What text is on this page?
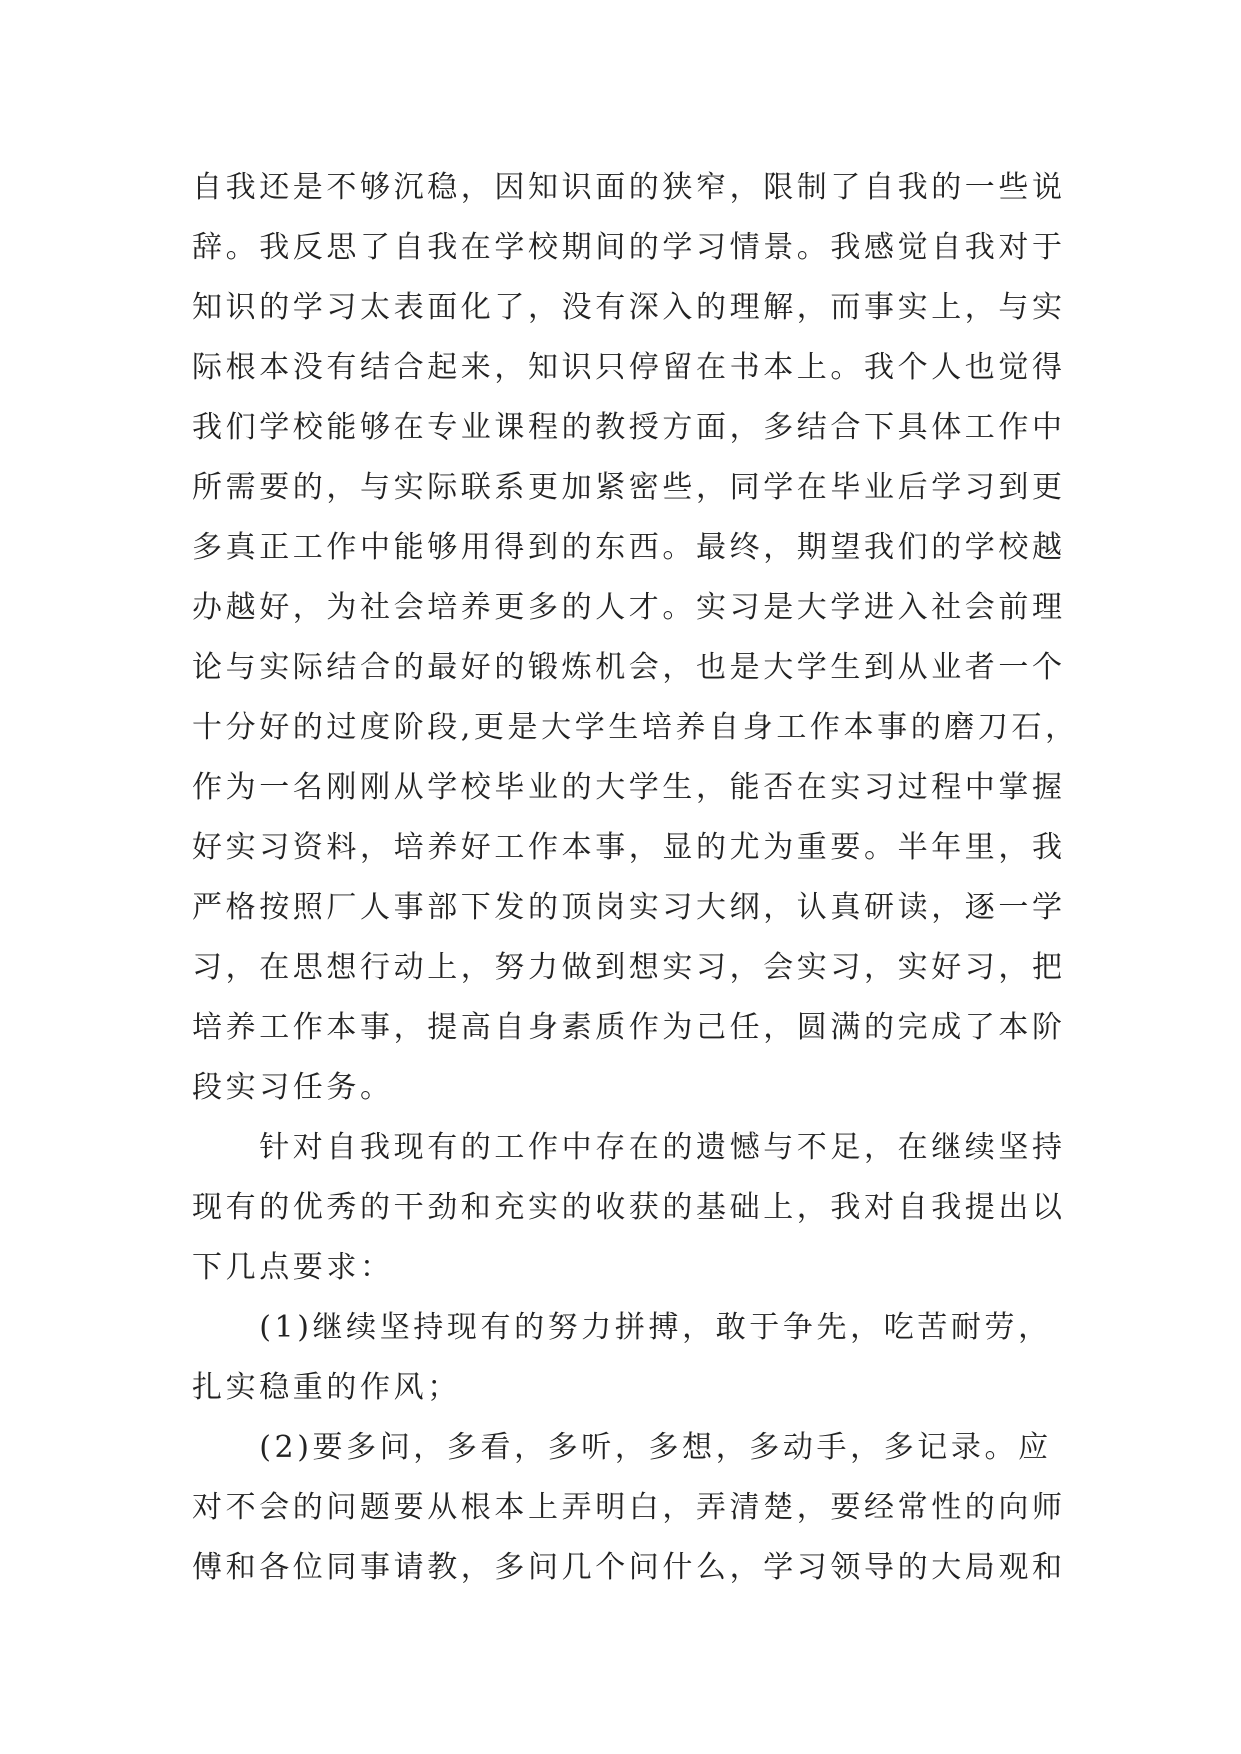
自我还是不够沉稳，因知识面的狭窄，限制了自我的一些说
辞。我反思了自我在学校期间的学习情景。我感觉自我对于
知识的学习太表面化了，没有深入的理解，而事实上，与实
际根本没有结合起来，知识只停留在书本上。我个人也觉得
我们学校能够在专业课程的教授方面，多结合下具体工作中
所需要的，与实际联系更加紧密些，同学在毕业后学习到更
多真正工作中能够用得到的东西。最终，期望我们的学校越
办越好，为社会培养更多的人才。实习是大学进入社会前理
论与实际结合的最好的锻炼机会，也是大学生到从业者一个
十分好的过度阶段,更是大学生培养自身工作本事的磨刀石，
作为一名刚刚从学校毕业的大学生，能否在实习过程中掌握
好实习资料，培养好工作本事，显的尤为重要。半年里，我
严格按照厂人事部下发的顶岗实习大纲，认真研读，逐一学
习，在思想行动上，努力做到想实习，会实习，实好习，把
培养工作本事，提高自身素质作为己任，圆满的完成了本阶
段实习任务。
　　针对自我现有的工作中存在的遗憾与不足，在继续坚持
现有的优秀的干劲和充实的收获的基础上，我对自我提出以
下几点要求：
　　(1)继续坚持现有的努力拼搏，敢于争先，吃苦耐劳，
扎实稳重的作风；
　　(2)要多问，多看，多听，多想，多动手，多记录。应
对不会的问题要从根本上弄明白，弄清楚，要经常性的向师
傅和各位同事请教，多问几个问什么，学习领导的大局观和
